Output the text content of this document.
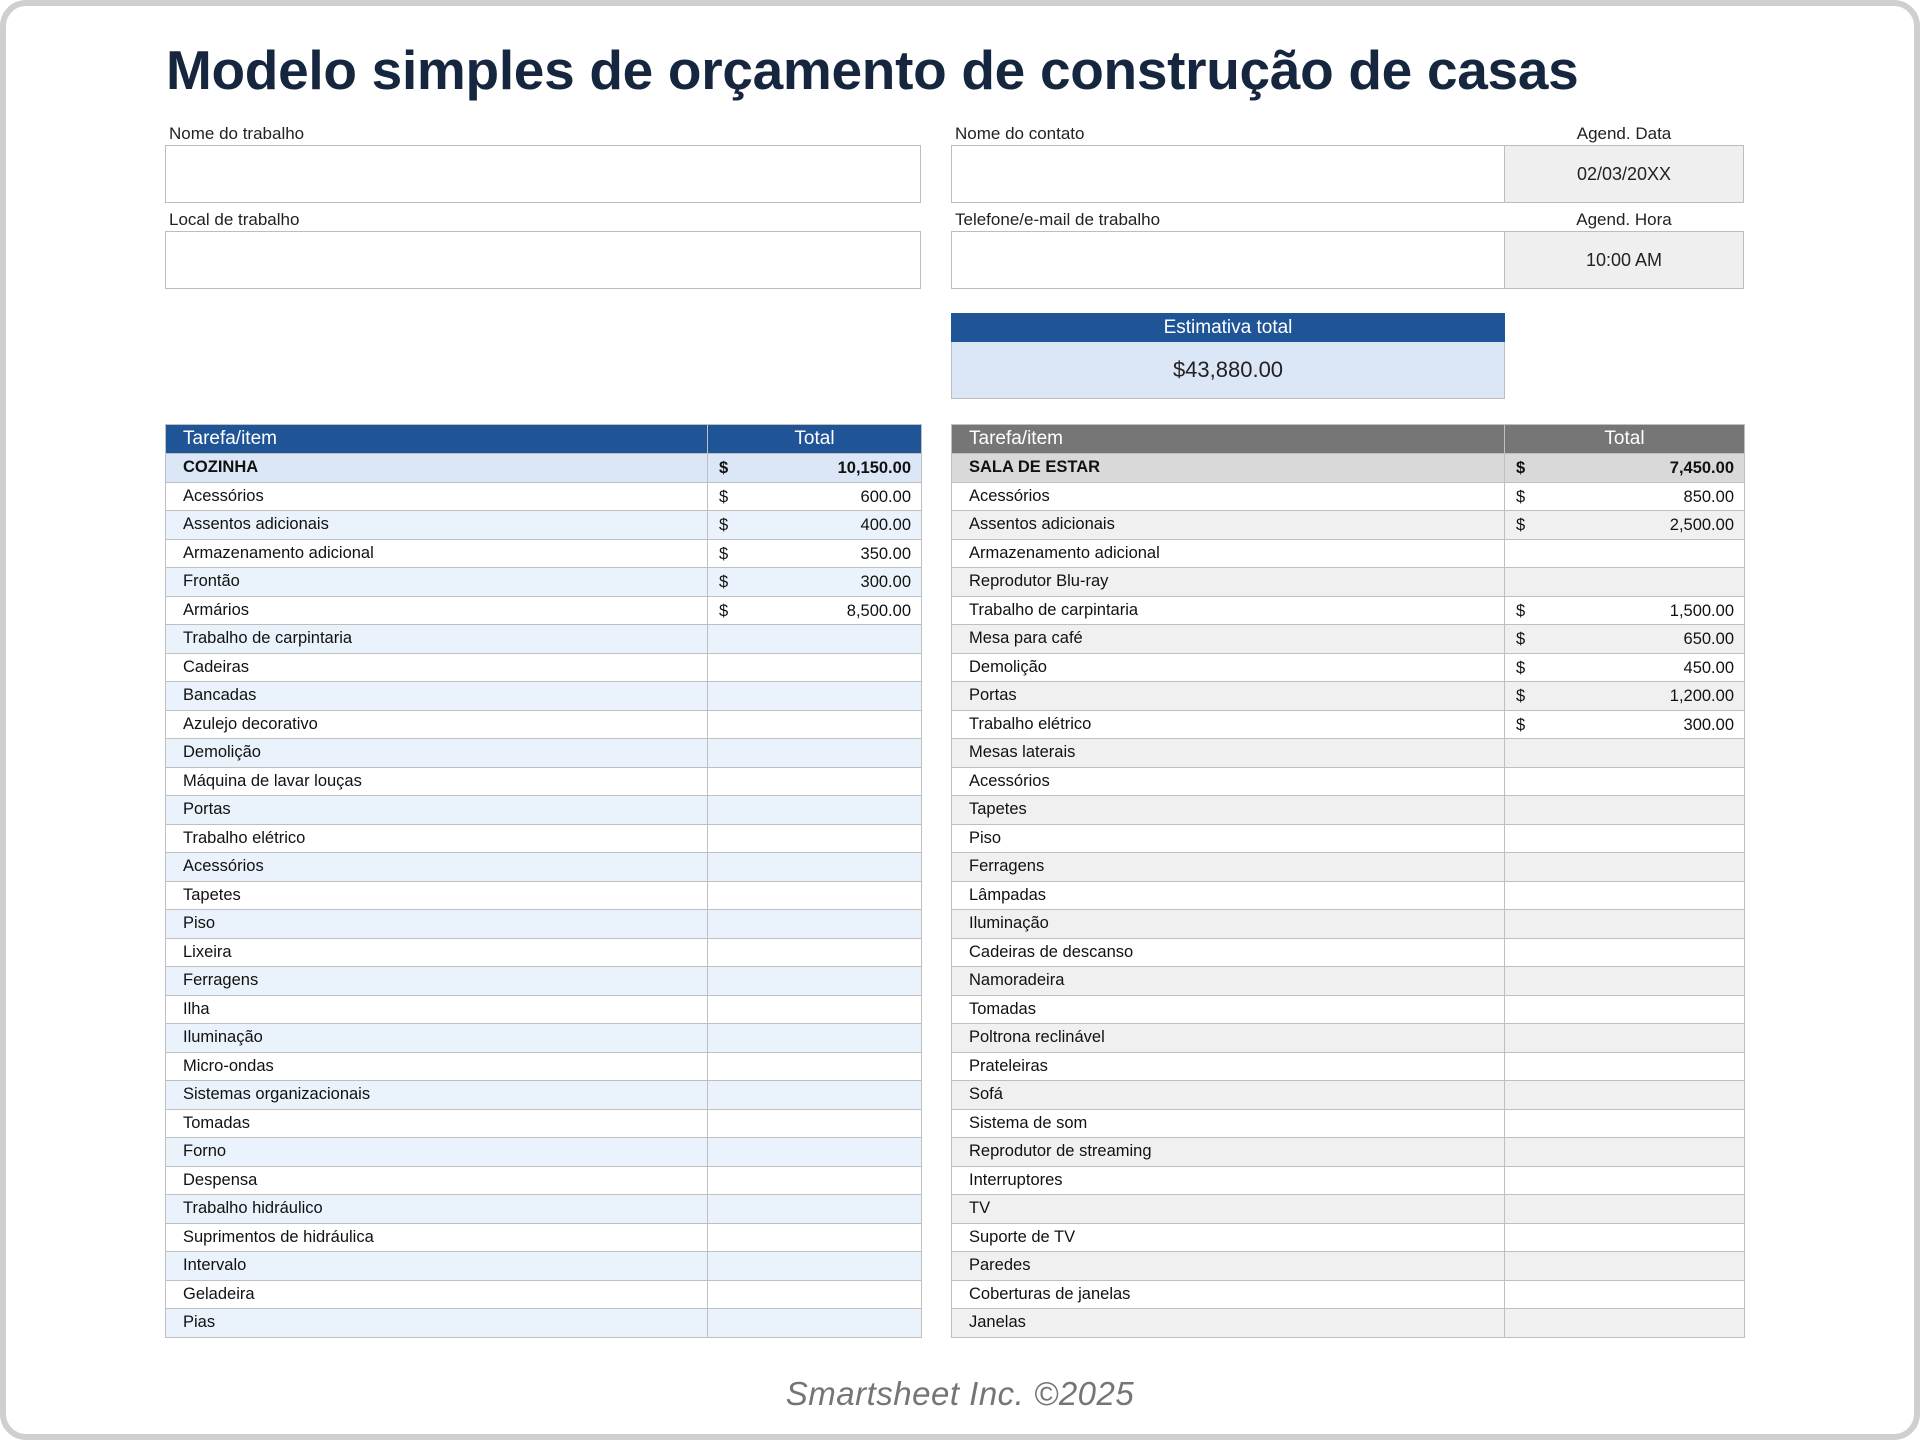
Modelo simples de orçamento de construção de casas
Nome do trabalho
Local de trabalho
Nome do contato
Telefone/e-mail de trabalho
Agend. Data
02/03/20XX
Agend. Hora
10:00 AM
Estimativa total
$43,880.00
Tarefa/item	Total
COZINHA	$ 10,150.00

Acessórios	$ 600.00

Assentos adicionais	$ 400.00

Armazenamento adicional	$ 350.00

Frontão	$ 300.00

Armários	$ 8,500.00

Trabalho de carpintaria	

Cadeiras	

Bancadas	

Azulejo decorativo	

Demolição	

Máquina de lavar louças	

Portas	

Trabalho elétrico	

Acessórios	

Tapetes	

Piso	

Lixeira	

Ferragens	

Ilha	

Iluminação	

Micro-ondas	

Sistemas organizacionais	

Tomadas	

Forno	

Despensa	

Trabalho hidráulico	

Suprimentos de hidráulica	

Intervalo	

Geladeira	

Pias	
Tarefa/item	Total
SALA DE ESTAR	$ 7,450.00

Acessórios	$ 850.00

Assentos adicionais	$ 2,500.00

Armazenamento adicional	

Reprodutor Blu-ray	

Trabalho de carpintaria	$ 1,500.00

Mesa para café	$ 650.00

Demolição	$ 450.00

Portas	$ 1,200.00

Trabalho elétrico	$ 300.00

Mesas laterais	

Acessórios	

Tapetes	

Piso	

Ferragens	

Lâmpadas	

Iluminação	

Cadeiras de descanso	

Namoradeira	

Tomadas	

Poltrona reclinável	

Prateleiras	

Sofá	

Sistema de som	

Reprodutor de streaming	

Interruptores	

TV	

Suporte de TV	

Paredes	

Coberturas de janelas	

Janelas	
Smartsheet Inc. ©2025
